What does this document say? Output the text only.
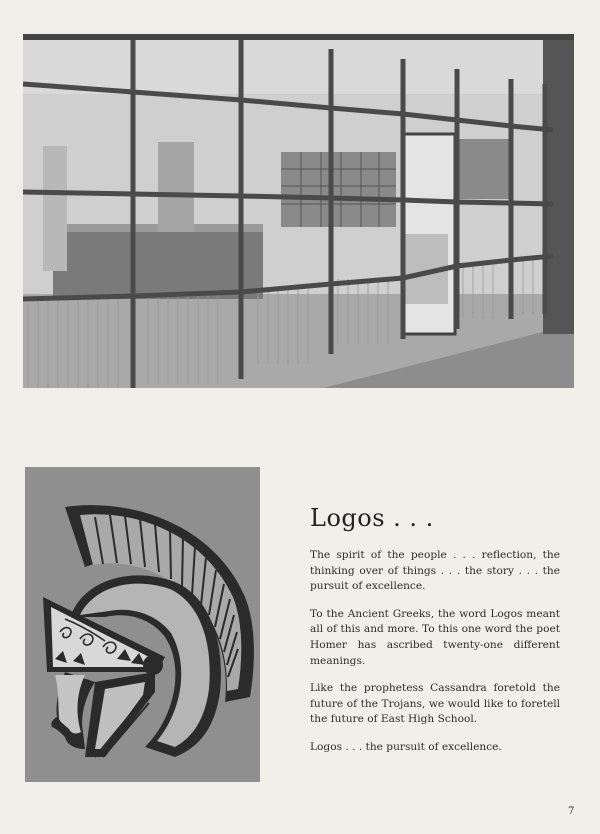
Logos . . .

The spirit of the people . . . reflection, the thinking over of things . . . the story . . . the pursuit of excellence.

To the Ancient Greeks, the word Logos meant all of this and more. To this one word the poet Homer has ascribed twenty-one different meanings.

Like the prophetess Cassandra foretold the future of the Trojans, we would like to foretell the future of East High School.

Logos . . . the pursuit of excellence.

7
